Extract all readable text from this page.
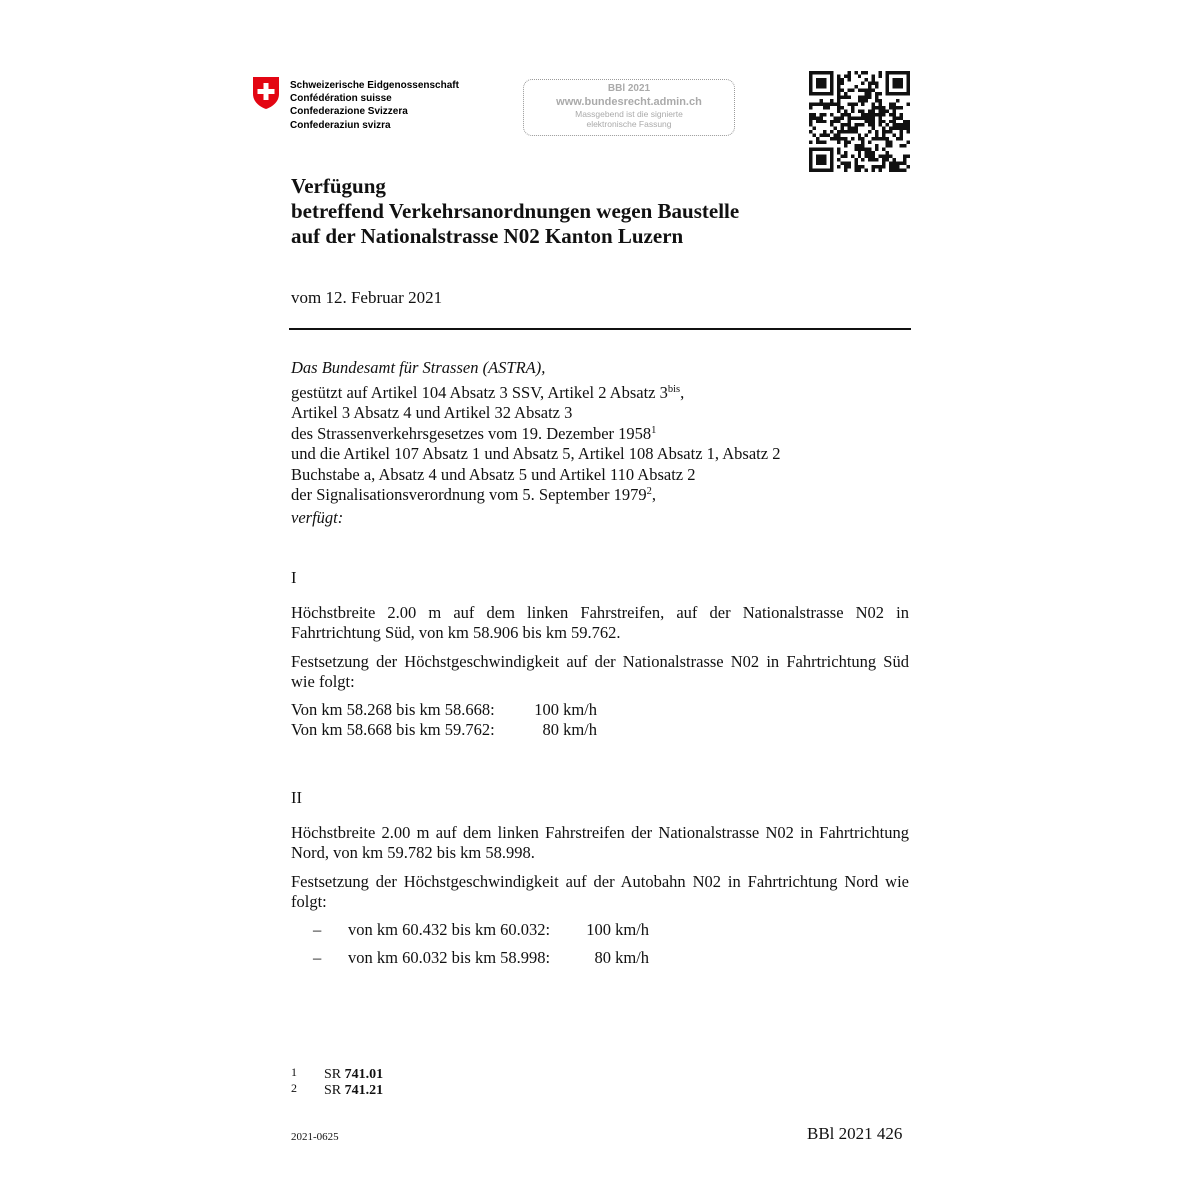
Schweizerische Eidgenossenschaft
Confédération suisse
Confederazione Svizzera
Confederaziun svizra
BBl 2021
www.bundesrecht.admin.ch
Massgebend ist die signierte
elektronische Fassung
Verfügung
betreffend Verkehrsanordnungen wegen Baustelle
auf der Nationalstrasse N02 Kanton Luzern
vom 12. Februar 2021
Das Bundesamt für Strassen (ASTRA),
gestützt auf Artikel 104 Absatz 3 SSV, Artikel 2 Absatz $3^{bis}$,
Artikel 3 Absatz 4 und Artikel 32 Absatz 3
des Strassenverkehrsgesetzes vom 19. Dezember 1958$^1$
und die Artikel 107 Absatz 1 und Absatz 5, Artikel 108 Absatz 1, Absatz 2
Buchstabe a, Absatz 4 und Absatz 5 und Artikel 110 Absatz 2
der Signalisationsverordnung vom 5. September 1979$^2$,
verfügt:
I
Höchstbreite 2.00 m auf dem linken Fahrstreifen, auf der Nationalstrasse N02 in Fahrtrichtung Süd, von km 58.906 bis km 59.762.
Festsetzung der Höchstgeschwindigkeit auf der Nationalstrasse N02 in Fahrtrichtung Süd wie folgt:
Von km 58.268 bis km 58.668: 100 km/h
Von km 58.668 bis km 59.762:	80 km/h
II
Höchstbreite 2.00 m auf dem linken Fahrstreifen der Nationalstrasse N02 in Fahrtrichtung Nord, von km 59.782 bis km 58.998.
Festsetzung der Höchstgeschwindigkeit auf der Autobahn N02 in Fahrtrichtung Nord wie folgt:
– von km 60.432 bis km 60.032: 100 km/h
– von km 60.032 bis km 58.998:	80 km/h
1 SR 741.01
2 SR 741.21
2021-0625	BBl 2021 426
